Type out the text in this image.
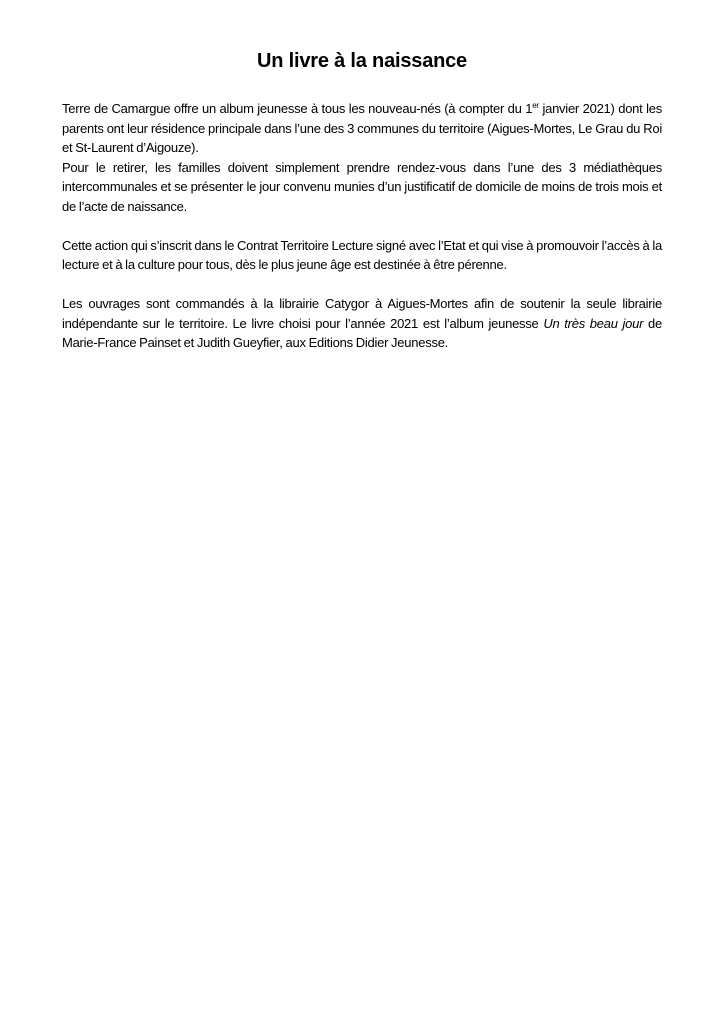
Un livre à la naissance

Terre de Camargue offre un album jeunesse à tous les nouveau-nés (à compter du 1er janvier 2021) dont les parents ont leur résidence principale dans l’une des 3 communes du territoire (Aigues-Mortes, Le Grau du Roi et St-Laurent d’Aigouze).

Pour le retirer, les familles doivent simplement prendre rendez-vous dans l’une des 3 médiathèques intercommunales et se présenter le jour convenu munies d’un justificatif de domicile de moins de trois mois et de l’acte de naissance.

Cette action qui s’inscrit dans le Contrat Territoire Lecture signé avec l’Etat et qui vise à promouvoir l’accès à la lecture et à la culture pour tous, dès le plus jeune âge est destinée à être pérenne.

Les ouvrages sont commandés à la librairie Catygor à Aigues-Mortes afin de soutenir la seule librairie indépendante sur le territoire. Le livre choisi pour l’année 2021 est l’album jeunesse Un très beau jour de Marie-France Painset et Judith Gueyfier, aux Editions Didier Jeunesse.
